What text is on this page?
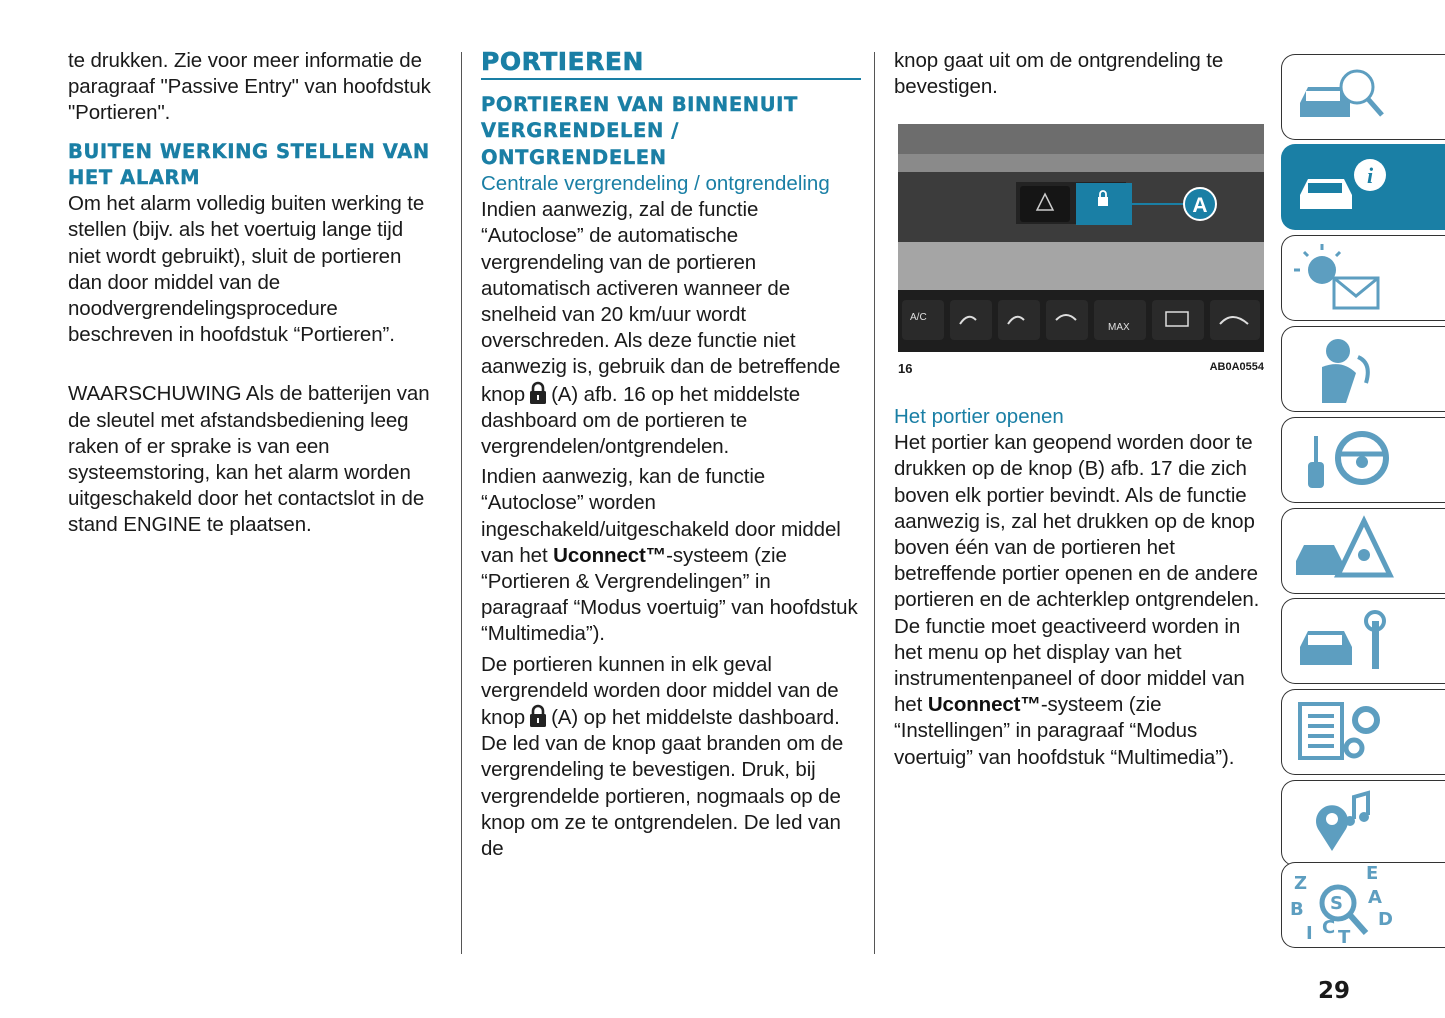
te drukken. Zie voor meer informatie de paragraaf "Passive Entry" van hoofdstuk "Portieren".

BUITEN WERKING STELLEN VAN HET ALARM

Om het alarm volledig buiten werking te stellen (bijv. als het voertuig lange tijd niet wordt gebruikt), sluit de portieren dan door middel van de noodvergrendelingsprocedure beschreven in hoofdstuk “Portieren”.

WAARSCHUWING Als de batterijen van de sleutel met afstandsbediening leeg raken of er sprake is van een systeemstoring, kan het alarm worden uitgeschakeld door het contactslot in de stand ENGINE te plaatsen.

PORTIEREN
PORTIEREN VAN BINNENUIT VERGRENDELEN / ONTGRENDELEN
Centrale vergrendeling / ontgrendeling

Indien aanwezig, zal de functie “Autoclose” de automatische vergrendeling van de portieren automatisch activeren wanneer de snelheid van 20 km/uur wordt overschreden. Als deze functie niet aanwezig is, gebruik dan de betreffende knop (A) afb. 16 op het middelste dashboard om de portieren te vergrendelen/ontgrendelen.

Indien aanwezig, kan de functie “Autoclose” worden ingeschakeld/uitgeschakeld door middel van het Uconnect™-systeem (zie “Portieren & Vergrendelingen” in paragraaf “Modus voertuig” van hoofdstuk “Multimedia”).

De portieren kunnen in elk geval vergrendeld worden door middel van de knop (A) op het middelste dashboard. De led van de knop gaat branden om de vergrendeling te bevestigen. Druk, bij vergrendelde portieren, nogmaals op de knop om ze te ontgrendelen. De led van de

knop gaat uit om de ontgrendeling te bevestigen.

A
A/C
MAX
16	AB0A0554
Het portier openen

Het portier kan geopend worden door te drukken op de knop (B) afb. 17 die zich boven elk portier bevindt. Als de functie aanwezig is, zal het drukken op de knop boven één van de portieren het betreffende portier openen en de andere portieren en de achterklep ontgrendelen. De functie moet geactiveerd worden in het menu op het display van het instrumentenpaneel of door middel van het Uconnect™-systeem (zie “Instellingen” in paragraaf “Modus voertuig” van hoofdstuk “Multimedia”).

i
Z	E
S A
B
I C T
D
29
